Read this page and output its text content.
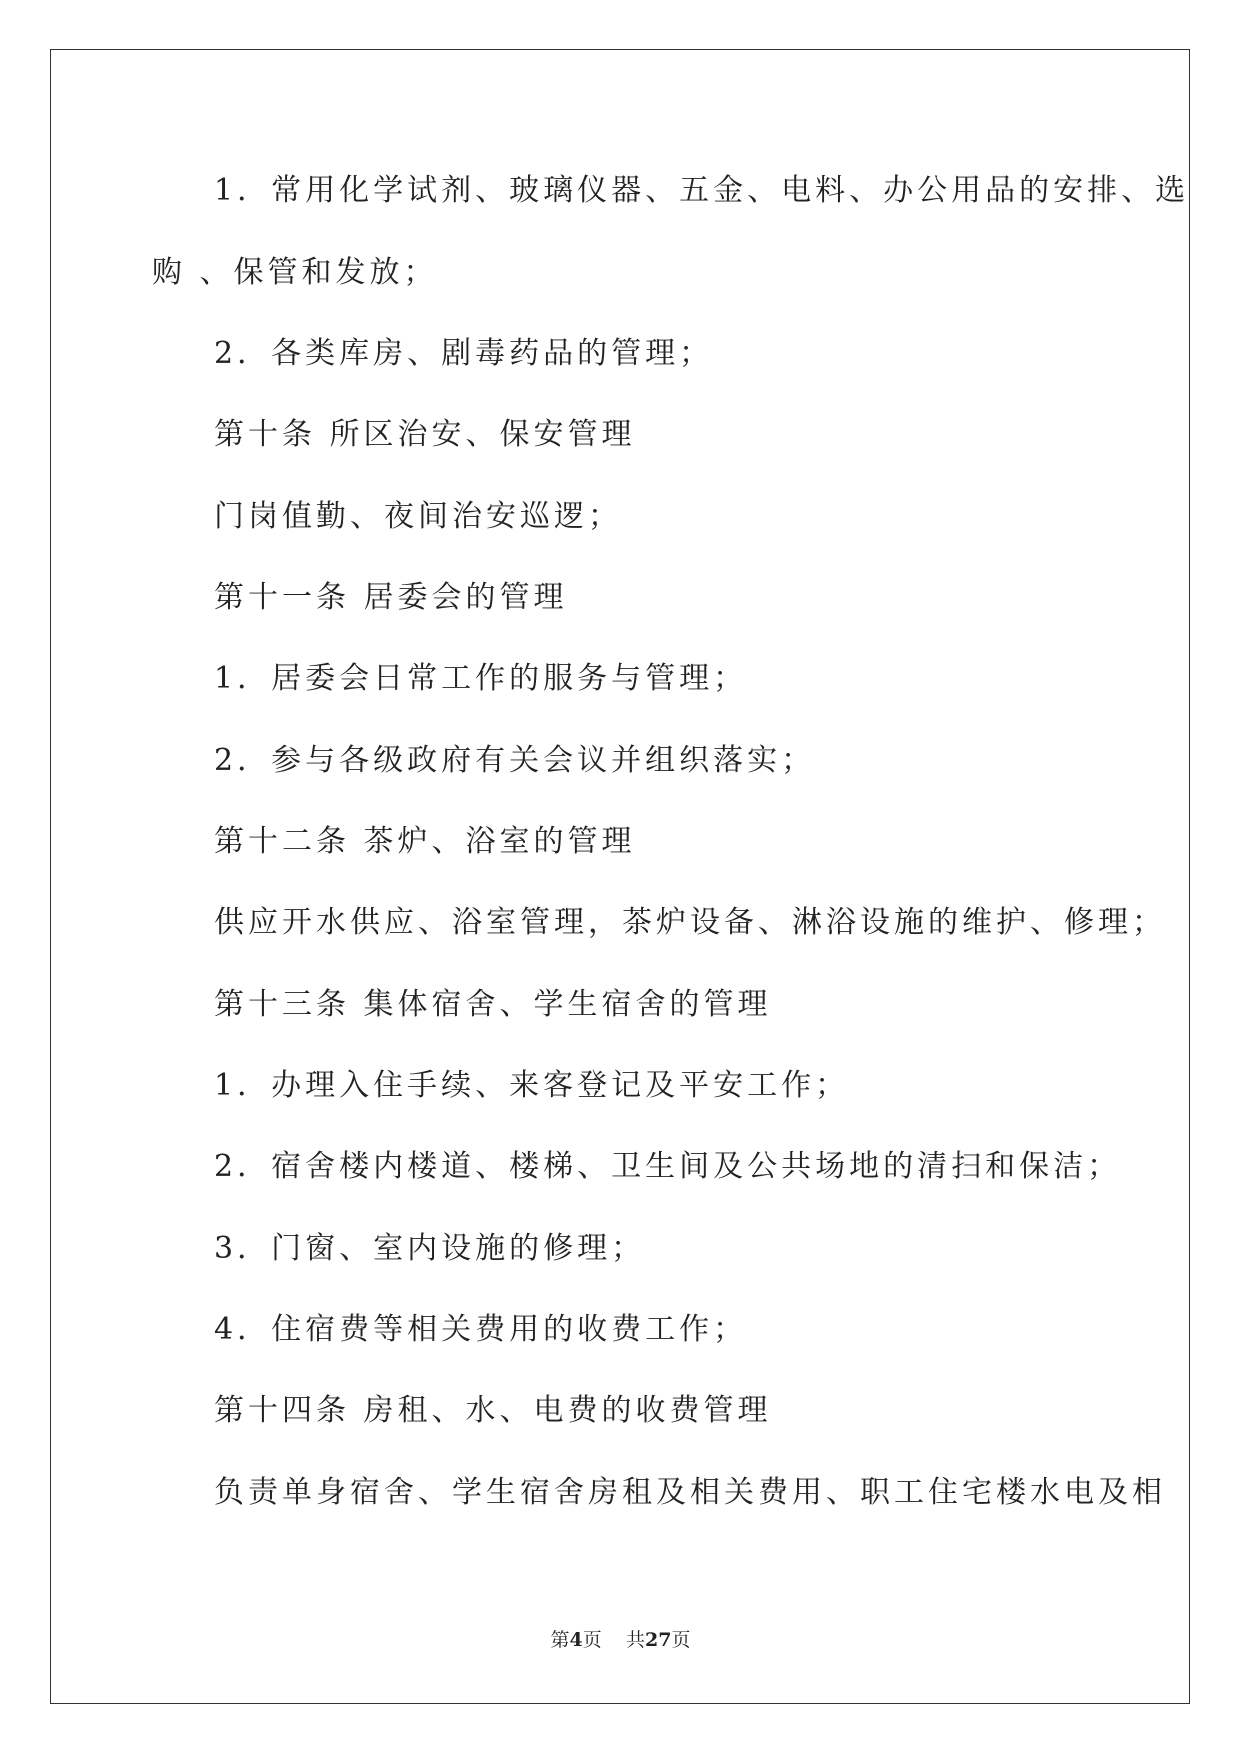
1．常用化学试剂、玻璃仪器、五金、电料、办公用品的安排、选
购 、保管和发放；
2．各类库房、剧毒药品的管理；
第十条 所区治安、保安管理
门岗值勤、夜间治安巡逻；
第十一条 居委会的管理
1．居委会日常工作的服务与管理；
2．参与各级政府有关会议并组织落实；
第十二条 茶炉、浴室的管理
供应开水供应、浴室管理，茶炉设备、淋浴设施的维护、修理；
第十三条 集体宿舍、学生宿舍的管理
1．办理入住手续、来客登记及平安工作；
2．宿舍楼内楼道、楼梯、卫生间及公共场地的清扫和保洁；
3．门窗、室内设施的修理；
4．住宿费等相关费用的收费工作；
第十四条 房租、水、电费的收费管理
负责单身宿舍、学生宿舍房租及相关费用、职工住宅楼水电及相
第4页 共27页
